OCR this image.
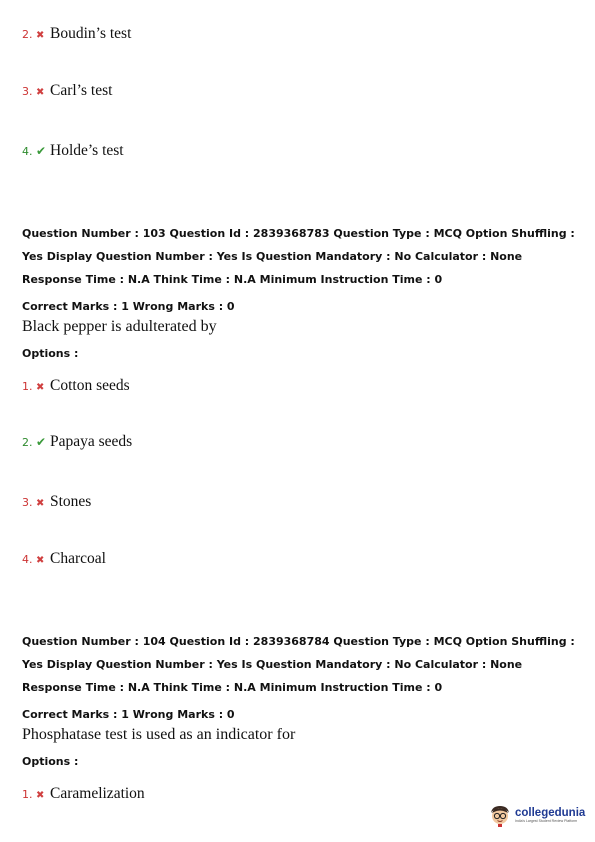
2. ✖ Boudin’s test
3. ✖ Carl’s test
4. ✔ Holde’s test

Question Number : 103 Question Id : 2839368783 Question Type : MCQ Option Shuffling : Yes Display Question Number : Yes Is Question Mandatory : No Calculator : None Response Time : N.A Think Time : N.A Minimum Instruction Time : 0

Correct Marks : 1 Wrong Marks : 0
Black pepper is adulterated by
Options :
1. ✖ Cotton seeds
2. ✔ Papaya seeds
3. ✖ Stones
4. ✖ Charcoal

Question Number : 104 Question Id : 2839368784 Question Type : MCQ Option Shuffling : Yes Display Question Number : Yes Is Question Mandatory : No Calculator : None Response Time : N.A Think Time : N.A Minimum Instruction Time : 0

Correct Marks : 1 Wrong Marks : 0
Phosphatase test is used as an indicator for
Options :
1. ✖ Caramelization
collegedunia
India's Largest Student Review Platform
